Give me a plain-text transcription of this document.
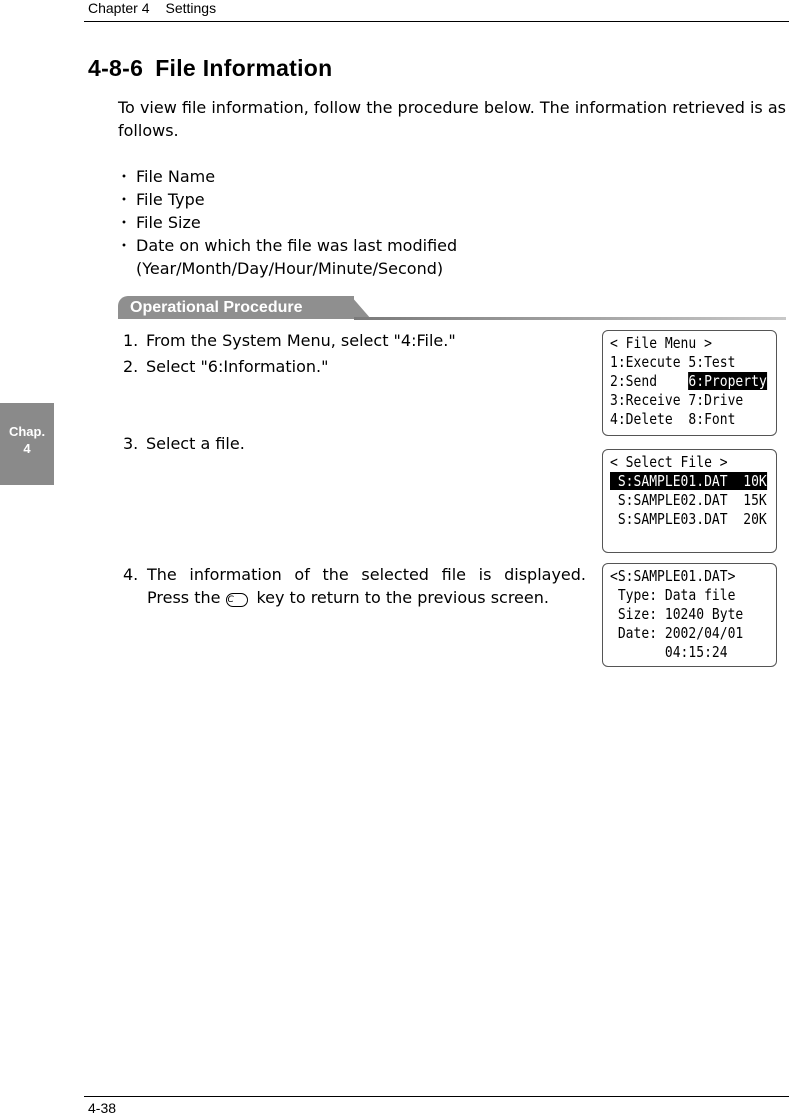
Chapter 4 Settings
4-8-6 File Information

To view file information, follow the procedure below. The information retrieved is as follows.

・ File Name
・ File Type
・ File Size
・ Date on which the file was last modified
(Year/Month/Day/Hour/Minute/Second)
Operational Procedure
1. From the System Menu, select "4:File."
2. Select "6:Information."
3. Select a file.
4. The information of the selected file is displayed.
Press the C key to return to the previous screen.
< File Menu >
1:Execute 5:Test
2:Send    6:Property
3:Receive 7:Drive
4:Delete  8:Font
< Select File >
S:SAMPLE01.DAT  10K
S:SAMPLE02.DAT  15K
S:SAMPLE03.DAT  20K
<S:SAMPLE01.DAT>
Type: Data file
Size: 10240 Byte
Date: 2002/04/01
04:15:24
Chap.
4
4-38
